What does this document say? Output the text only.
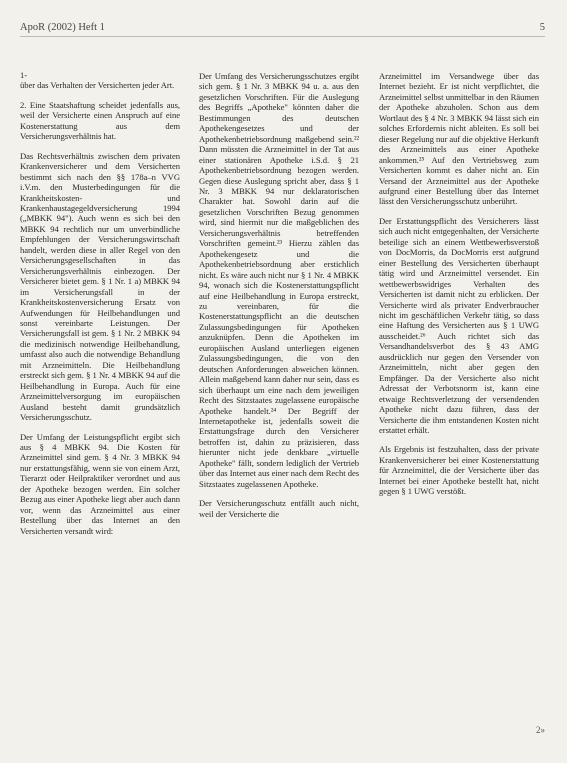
ApoR (2002) Heft 1	5

1-
über das Verhalten der Versicherten jeder Art.

2. Eine Staatshaftung scheidet jedenfalls aus, weil der Versicherte einen Anspruch auf eine Kostenerstattung aus dem Versicherungsverhältnis hat.

Das Rechtsverhältnis zwischen dem privaten Krankenversicherer und dem Versicherten bestimmt sich nach den §§ 178a–n VVG i.V.m. den Musterbedingungen für die Krankheitskosten- und Krankenhaustagegeldversicherung 1994 („MBKK 94"). Auch wenn es sich bei den MBKK 94 rechtlich nur um unverbindliche Empfehlungen der Versicherungswirtschaft handelt, werden diese in aller Regel von den Versicherungsgesellschaften in das Versicherungsverhältnis einbezogen. Der Versicherer bietet gem. § 1 Nr. 1 a) MBKK 94 im Versicherungsfall in der Krankheitskostenversicherung Ersatz von Aufwendungen für Heilbehandlungen und sonst vereinbarte Leistungen. Der Versicherungsfall ist gem. § 1 Nr. 2 MBKK 94 die medizinisch notwendige Heilbehandlung, umfasst also auch die notwendige Behandlung mit Arzneimitteln. Die Heilbehandlung erstreckt sich gem. § 1 Nr. 4 MBKK 94 auf die Heilbehandlung in Europa. Auch für eine Arzneimittelversorgung im europäischen Ausland besteht damit grundsätzlich Versicherungsschutz.

Der Umfang der Leistungspflicht ergibt sich aus § 4 MBKK 94. Die Kosten für Arzneimittel sind gem. § 4 Nr. 3 MBKK 94 nur erstattungsfähig, wenn sie von einem Arzt, Tierarzt oder Heilpraktiker verordnet und aus der Apotheke bezogen werden. Ein solcher Bezug aus einer Apotheke liegt aber auch dann vor, wenn das Arzneimittel aus einer Bestellung über das Internet an den Versicherten versandt wird:

Der Umfang des Versicherungsschutzes ergibt sich gem. § 1 Nr. 3 MBKK 94 u. a. aus den gesetzlichen Vorschriften. Für die Auslegung des Begriffs „Apotheke" könnten daher die Bestimmungen des deutschen Apothekengesetzes und der Apothekenbetriebsordnung maßgebend sein.²² Dann müssten die Arzneimittel in der Tat aus einer stationären Apotheke i.S.d. § 21 Apothekenbetriebsordnung bezogen werden. Gegen diese Auslegung spricht aber, dass § 1 Nr. 3 MBKK 94 nur deklaratorischen Charakter hat. Sowohl darin auf die gesetzlichen Vorschriften Bezug genommen wird, sind hiermit nur die maßgeblichen des Versicherungsverhältnis betreffenden Vorschriften gemeint.²³ Hierzu zählen das Apothekengesetz und die Apothekenbetriebsordnung aber erstichlich nicht. Es wäre auch nicht nur § 1 Nr. 4 MBKK 94, wonach sich die Kostenerstattungspflicht auf eine Heilbehandlung in Europa erstreckt, zu vereinbaren, für die Kostenerstattungspflicht an die deutschen Zulassungsbedingungen für Apotheken anzuknüpfen. Denn die Apotheken im europäischen Ausland unterliegen eigenen Zulassungsbedingungen, die von den deutschen Anforderungen abweichen können. Allein maßgebend kann daher nur sein, dass es sich überhaupt um eine nach dem jeweiligen Recht des Sitzstaates zugelassene europäische Apotheke handelt.²⁴ Der Begriff der Internetapotheke ist, jedenfalls soweit die Erstattungsfrage durch den Versicherer betroffen ist, dahin zu präzisieren, dass hierunter nicht jede denkbare „virtuelle Apotheke" fällt, sondern lediglich der Vertrieb über das Internet aus einer nach dem Recht des Sitzstaates zugelassenen Apotheke.

Der Versicherungsschutz entfällt auch nicht, weil der Versicherte die

Arzneimittel im Versandwege über das Internet bezieht. Er ist nicht verpflichtet, die Arzneimittel selbst unmittelbar in den Räumen der Apotheke abzuholen. Schon aus dem Wortlaut des § 4 Nr. 3 MBKK 94 lässt sich ein solches Erfordernis nicht ableiten. Es soll bei dieser Regelung nur auf die objektive Herkunft des Arzneimittels aus einer Apotheke ankommen.²⁵ Auf den Vertriebsweg zum Versicherten kommt es daher nicht an. Ein Versand der Arzneimittel aus der Apotheke aufgrund einer Bestellung über das Internet lässt den Versicherungsschutz unberührt.

Der Erstattungspflicht des Versicherers lässt sich auch nicht entgegenhalten, der Versicherte beteilige sich an einem Wettbewerbsverstoß von DocMorris, da DocMorris erst aufgrund einer Bestellung des Versicherten überhaupt tätig wird und Arzneimittel versendet. Ein wettbewerbswidriges Verhalten des Versicherten ist damit nicht zu erblicken. Der Versicherte wird als privater Endverbraucher nicht im geschäftlichen Verkehr tätig, so dass eine Haftung des Versicherten aus § 1 UWG ausscheidet.²⁶ Auch richtet sich das Versandhandelsverbot des § 43 AMG ausdrücklich nur gegen den Versender von Arzneimitteln, nicht aber gegen den Empfänger. Da der Versicherte also nicht Adressat der Verbotsnorm ist, kann eine etwaige Rechtsverletzung der versendenden Apotheke nicht dazu führen, dass der Versicherte die ihm entstandenen Kosten nicht erstattet erhält.

Als Ergebnis ist festzuhalten, dass der private Krankenversicherer bei einer Kostenerstattung für Arzneimittel, die der Versicherte über das Internet bei einer Apotheke bestellt hat, nicht gegen § 1 UWG verstößt.

2»
